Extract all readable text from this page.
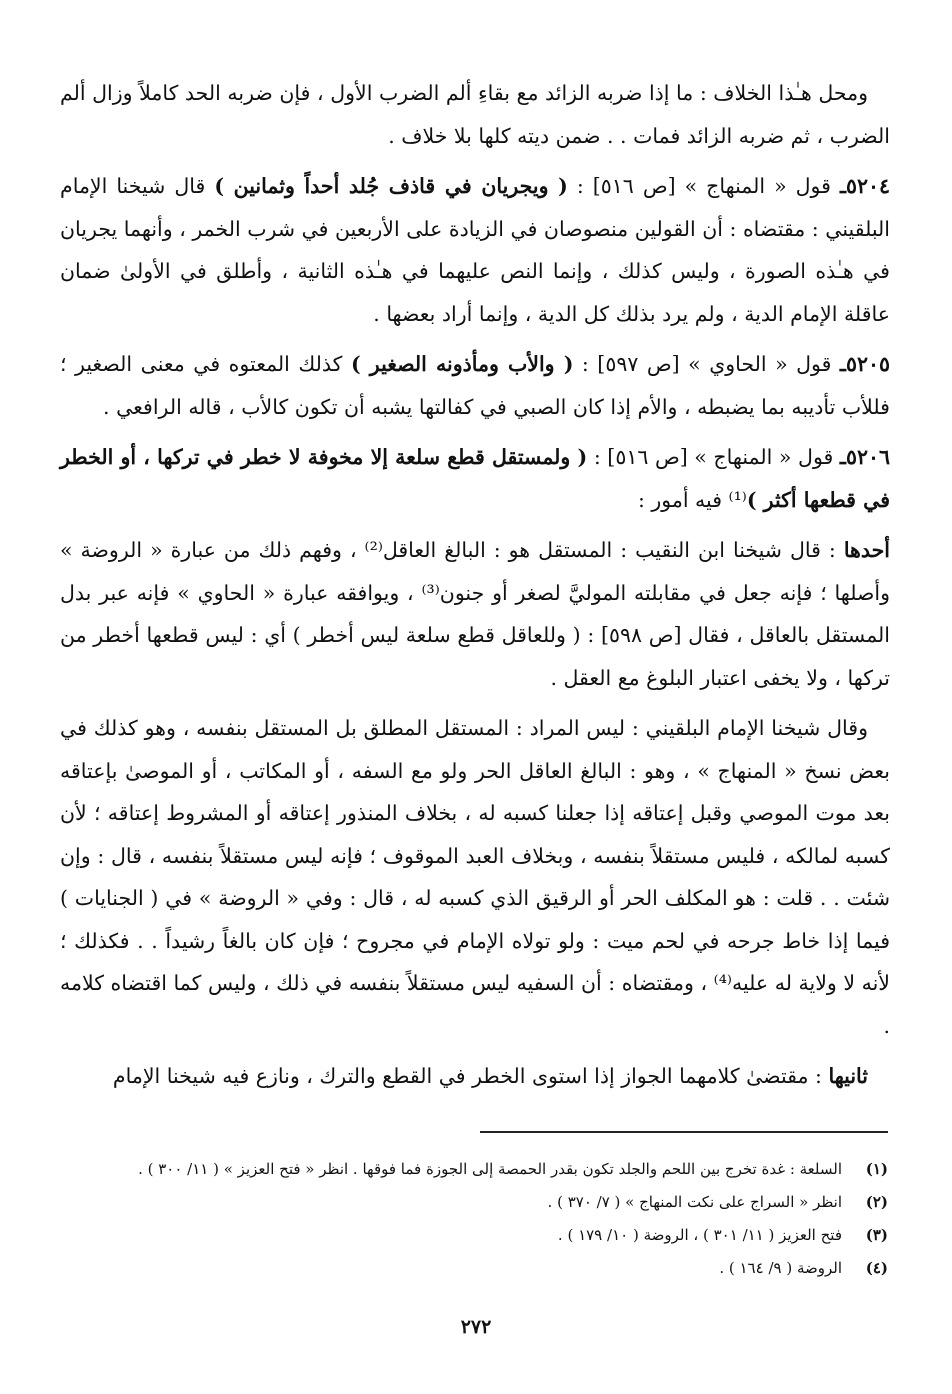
ومحل هـٰذا الخلاف : ما إذا ضربه الزائد مع بقاءِ ألم الضرب الأول ، فإن ضربه الحد كاملاً وزال ألم الضرب ، ثم ضربه الزائد فمات . . ضمن ديته كلها بلا خلاف .

٥٢٠٤ـ قول « المنهاج » [ص ٥١٦] : ( ويجريان في قاذف جُلد أحداً وثمانين ) قال شيخنا الإمام البلقيني : مقتضاه : أن القولين منصوصان في الزيادة على الأربعين في شرب الخمر ، وأنهما يجريان في هـٰذه الصورة ، وليس كذلك ، وإنما النص عليهما في هـٰذه الثانية ، وأطلق في الأولىٰ ضمان عاقلة الإمام الدية ، ولم يرد بذلك كل الدية ، وإنما أراد بعضها .

٥٢٠٥ـ قول « الحاوي » [ص ٥٩٧] : ( والأب ومأذونه الصغير ) كذلك المعتوه في معنى الصغير ؛ فللأب تأديبه بما يضبطه ، والأم إذا كان الصبي في كفالتها يشبه أن تكون كالأب ، قاله الرافعي .

٥٢٠٦ـ قول « المنهاج » [ص ٥١٦] : ( ولمستقل قطع سلعة إلا مخوفة لا خطر في تركها ، أو الخطر في قطعها أكثر )⁽¹⁾ فيه أمور :

أحدها : قال شيخنا ابن النقيب : المستقل هو : البالغ العاقل⁽²⁾ ، وفهم ذلك من عبارة « الروضة » وأصلها ؛ فإنه جعل في مقابلته الموليَّ لصغر أو جنون⁽³⁾ ، ويوافقه عبارة « الحاوي » فإنه عبر بدل المستقل بالعاقل ، فقال [ص ٥٩٨] : ( وللعاقل قطع سلعة ليس أخطر ) أي : ليس قطعها أخطر من تركها ، ولا يخفى اعتبار البلوغ مع العقل .

وقال شيخنا الإمام البلقيني : ليس المراد : المستقل المطلق بل المستقل بنفسه ، وهو كذلك في بعض نسخ « المنهاج » ، وهو : البالغ العاقل الحر ولو مع السفه ، أو المكاتب ، أو الموصىٰ بإعتاقه بعد موت الموصي وقبل إعتاقه إذا جعلنا كسبه له ، بخلاف المنذور إعتاقه أو المشروط إعتاقه ؛ لأن كسبه لمالكه ، فليس مستقلاً بنفسه ، وبخلاف العبد الموقوف ؛ فإنه ليس مستقلاً بنفسه ، قال : وإن شئت . . قلت : هو المكلف الحر أو الرقيق الذي كسبه له ، قال : وفي « الروضة » في ( الجنايات ) فيما إذا خاط جرحه في لحم ميت : ولو تولاه الإمام في مجروح ؛ فإن كان بالغاً رشيداً . . فكذلك ؛ لأنه لا ولاية له عليه⁽⁴⁾ ، ومقتضاه : أن السفيه ليس مستقلاً بنفسه في ذلك ، وليس كما اقتضاه كلامه .

ثانيها : مقتضىٰ كلامهما الجواز إذا استوى الخطر في القطع والترك ، ونازع فيه شيخنا الإمام

(١)
السلعة : غدة تخرج بين اللحم والجلد تكون بقدر الحمصة إلى الجوزة فما فوقها . انظر « فتح العزيز » ( ١١/ ٣٠٠ ) .
(٢)
انظر « السراج على نكت المنهاج » ( ٧/ ٣٧٠ ) .
(٣)
فتح العزيز ( ١١/ ٣٠١ ) ، الروضة ( ١٠/ ١٧٩ ) .
(٤)
الروضة ( ٩/ ١٦٤ ) .
٢٧٢
